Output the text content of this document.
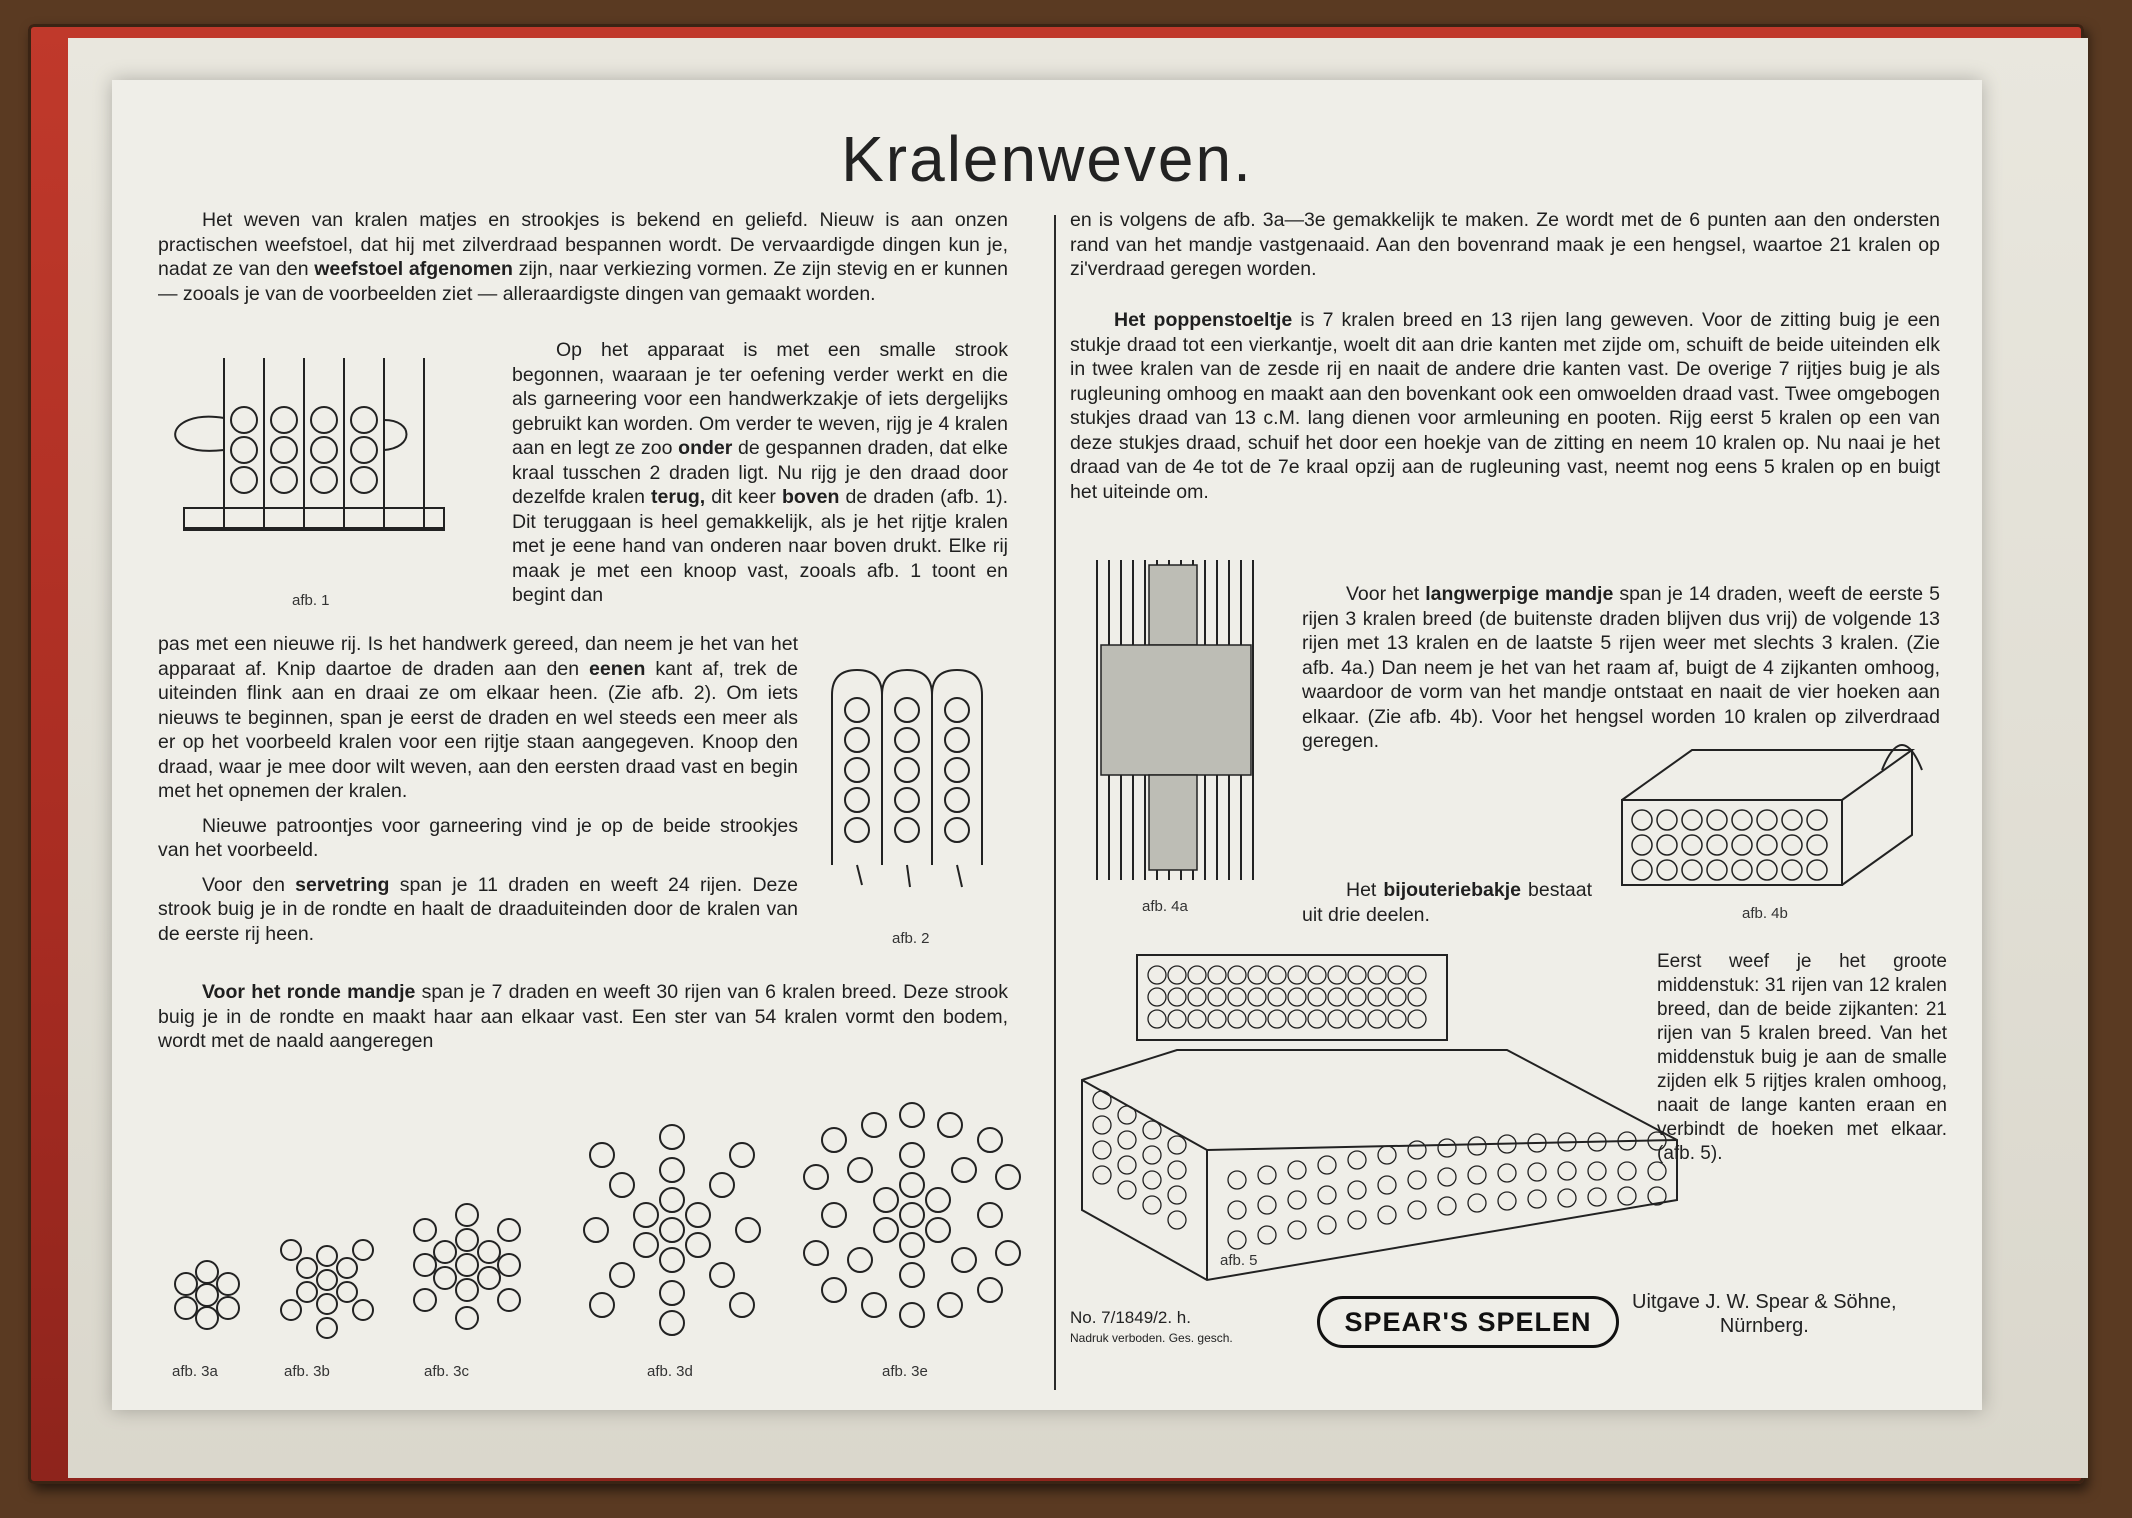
Kralenweven.

Het weven van kralen matjes en strookjes is bekend en geliefd. Nieuw is aan onzen practischen weefstoel, dat hij met zilverdraad bespannen wordt. De vervaardigde dingen kun je, nadat ze van den weefstoel afgenomen zijn, naar verkiezing vormen. Ze zijn stevig en er kunnen — zooals je van de voorbeelden ziet — alleraardigste dingen van gemaakt worden.

afb. 1

Op het apparaat is met een smalle strook begonnen, waaraan je ter oefening verder werkt en die als garneering voor een handwerkzakje of iets dergelijks gebruikt kan worden. Om verder te weven, rijg je 4 kralen aan en legt ze zoo onder de gespannen draden, dat elke kraal tusschen 2 draden ligt. Nu rijg je den draad door dezelfde kralen terug, dit keer boven de draden (afb. 1). Dit teruggaan is heel gemakkelijk, als je het rijtje kralen met je eene hand van onderen naar boven drukt. Elke rij maak je met een knoop vast, zooals afb. 1 toont en begint dan

pas met een nieuwe rij. Is het handwerk gereed, dan neem je het van het apparaat af. Knip daartoe de draden aan den eenen kant af, trek de uiteinden flink aan en draai ze om elkaar heen. (Zie afb. 2). Om iets nieuws te beginnen, span je eerst de draden en wel steeds een meer als er op het voorbeeld kralen voor een rijtje staan aangegeven. Knoop den draad, waar je mee door wilt weven, aan den eersten draad vast en begin met het opnemen der kralen.

Nieuwe patroontjes voor garneering vind je op de beide strookjes van het voorbeeld.

Voor den servetring span je 11 draden en weeft 24 rijen. Deze strook buig je in de rondte en haalt de draaduiteinden door de kralen van de eerste rij heen.	afb. 2

Voor het ronde mandje span je 7 draden en weeft 30 rijen van 6 kralen breed. Deze strook buig je in de rondte en maakt haar aan elkaar vast. Een ster van 54 kralen vormt den bodem, wordt met de naald aangeregen

afb. 3a	afb. 3b	afb. 3c	afb. 3d	afb. 3e

en is volgens de afb. 3a—3e gemakkelijk te maken. Ze wordt met de 6 punten aan den ondersten rand van het mandje vastgenaaid. Aan den bovenrand maak je een hengsel, waartoe 21 kralen op zi'verdraad geregen worden.

Het poppenstoeltje is 7 kralen breed en 13 rijen lang geweven. Voor de zitting buig je een stukje draad tot een vierkantje, woelt dit aan drie kanten met zijde om, schuift de beide uiteinden elk in twee kralen van de zesde rij en naait de andere drie kanten vast. De overige 7 rijtjes buig je als rugleuning omhoog en maakt aan den bovenkant ook een omwoelden draad vast. Twee omgebogen stukjes draad van 13 c.M. lang dienen voor armleuning en pooten. Rijg eerst 5 kralen op een van deze stukjes draad, schuif het door een hoekje van de zitting en neem 10 kralen op. Nu naai je het draad van de 4e tot de 7e kraal opzij aan de rugleuning vast, neemt nog eens 5 kralen op en buigt het uiteinde om.

afb. 4a

Voor het langwerpige mandje span je 14 draden, weeft de eerste 5 rijen 3 kralen breed (de buitenste draden blijven dus vrij) de volgende 13 rijen met 13 kralen en de laatste 5 rijen weer met slechts 3 kralen. (Zie afb. 4a.) Dan neem je het van het raam af, buigt de 4 zijkanten omhoog, waardoor de vorm van het mandje ontstaat en naait de vier hoeken aan elkaar. (Zie afb. 4b). Voor het hengsel worden 10 kralen op zilverdraad geregen.

Het bijouteriebakje bestaat uit drie deelen.	afb. 4b
afb. 5

Eerst weef je het groote middenstuk: 31 rijen van 12 kralen breed, dan de beide zijkanten: 21 rijen van 5 kralen breed. Van het middenstuk buig je aan de smalle zijden elk 5 rijtjes kralen omhoog, naait de lange kanten eraan en verbindt de hoeken met elkaar. (afb. 5).

No. 7/1849/2. h.
Nadruk verboden. Ges. gesch.
SPEAR'S SPELEN
Uitgave J. W. Spear & Söhne,
Nürnberg.
